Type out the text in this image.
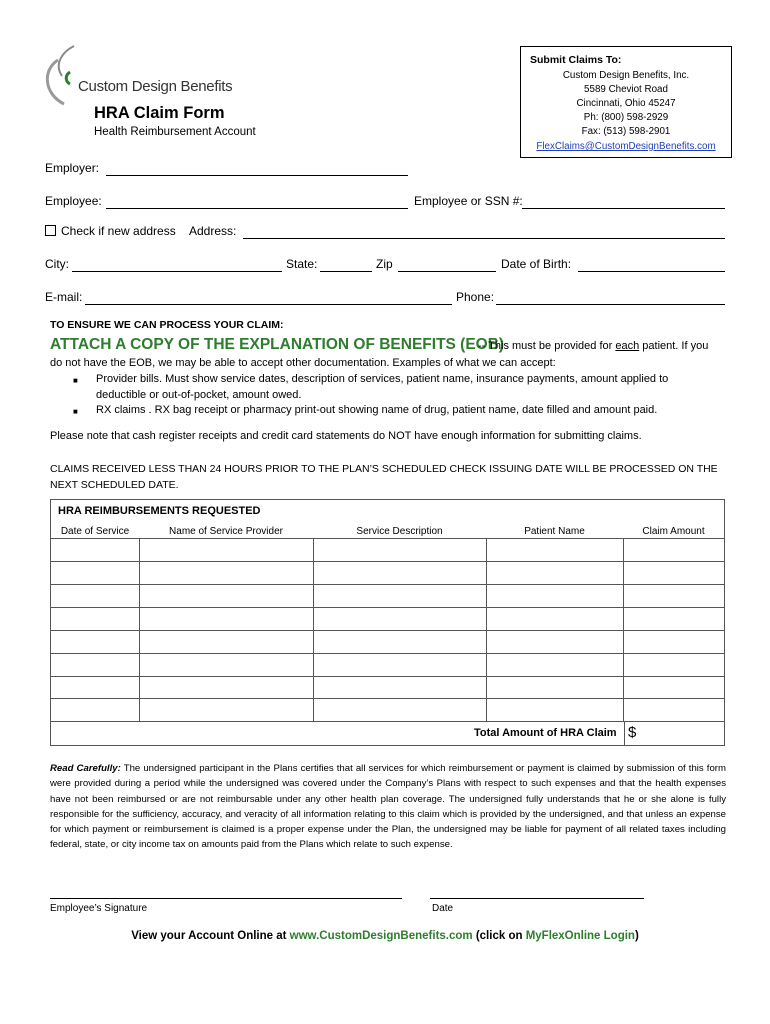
Custom Design Benefits
HRA Claim Form
Health Reimbursement Account
Submit Claims To:
Custom Design Benefits, Inc.
5589 Cheviot Road
Cincinnati, Ohio 45247
Ph: (800) 598-2929
Fax: (513) 598-2901
FlexClaims@CustomDesignBenefits.com
Employer:
Employee:	Employee or SSN #:
Check if new address Address:
City:	State:	Zip	Date of Birth:
E-mail:	Phone:
TO ENSURE WE CAN PROCESS YOUR CLAIM:
ATTACH A COPY OF THE EXPLANATION OF BENEFITS (EOB)
-- This must be provided for each patient. If you
do not have the EOB, we may be able to accept other documentation. Examples of what we can accept:
■ Provider bills. Must show service dates, description of services, patient name, insurance payments, amount applied to deductible or out-of-pocket, amount owed.
■ RX claims . RX bag receipt or pharmacy print-out showing name of drug, patient name, date filled and amount paid.
Please note that cash register receipts and credit card statements do NOT have enough information for submitting claims.
CLAIMS RECEIVED LESS THAN 24 HOURS PRIOR TO THE PLAN’S SCHEDULED CHECK ISSUING DATE WILL BE PROCESSED ON THE NEXT SCHEDULED DATE.
HRA REIMBURSEMENTS REQUESTED
Date of Service	Name of Service Provider	Service Description	Patient Name	Claim Amount
Total Amount of HRA Claim $
Read Carefully: The undersigned participant in the Plans certifies that all services for which reimbursement or payment is claimed by submission of this form were provided during a period while the undersigned was covered under the Company’s Plans with respect to such expenses and that the health expenses have not been reimbursed or are not reimbursable under any other health plan coverage. The undersigned fully understands that he or she alone is fully responsible for the sufficiency, accuracy, and veracity of all information relating to this claim which is provided by the undersigned, and that unless an expense for which payment or reimbursement is claimed is a proper expense under the Plan, the undersigned may be liable for payment of all related taxes including federal, state, or city income tax on amounts paid from the Plans which relate to such expense.
Employee’s Signature	Date
View your Account Online at www.CustomDesignBenefits.com (click on MyFlexOnline Login)
